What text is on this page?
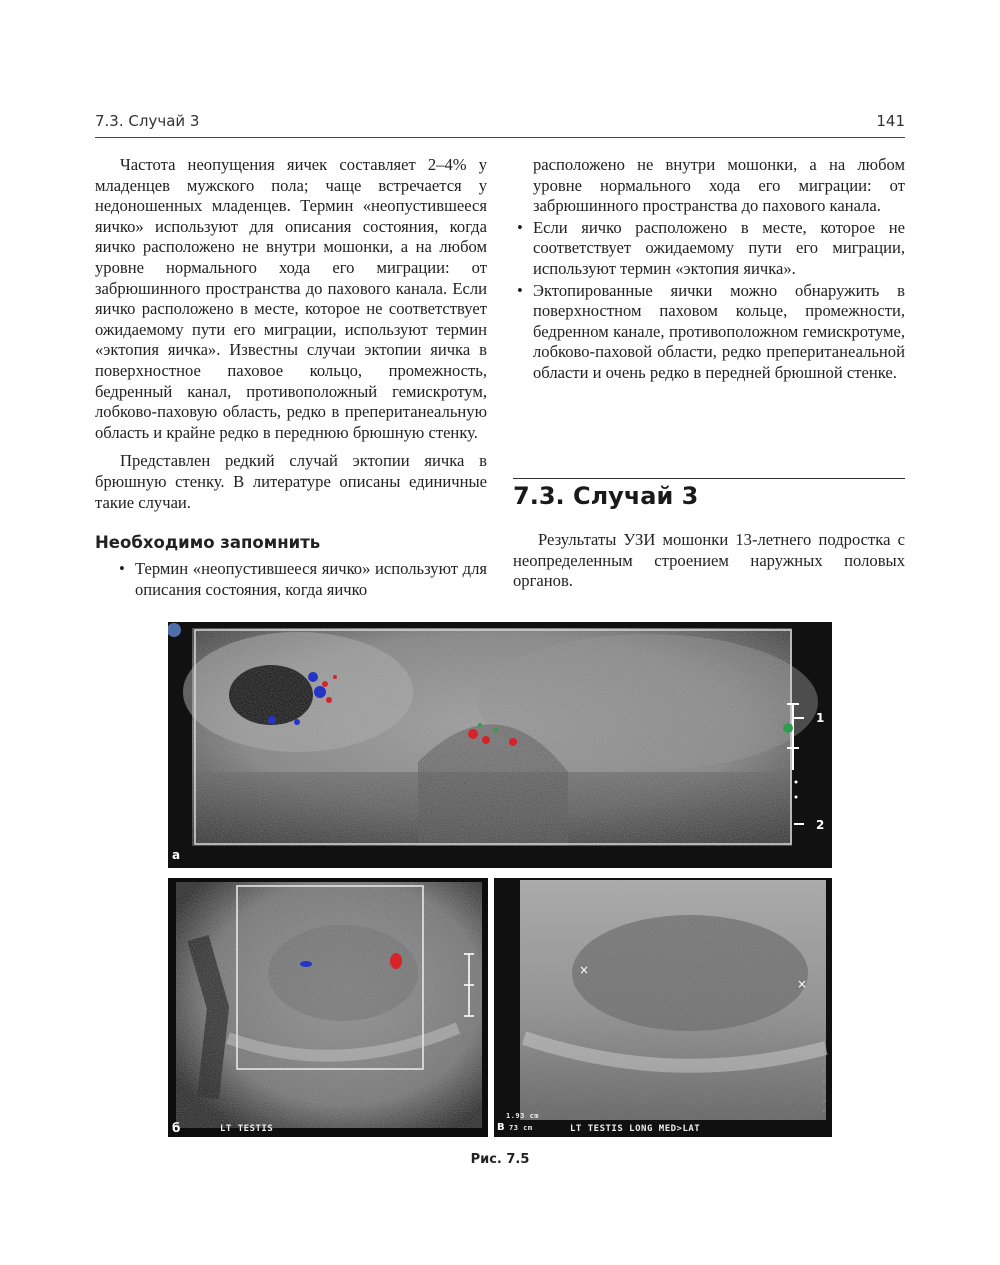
7.3. Случай 3	141

Частота неопущения яичек составляет 2–4% у младенцев мужского пола; чаще встречается у недоношенных младенцев. Термин «неопустившееся яичко» используют для описания состояния, когда яичко расположено не внутри мошонки, а на любом уровне нормального хода его миграции: от забрюшинного пространства до пахового канала. Если яичко расположено в месте, которое не соответствует ожидаемому пути его миграции, используют термин «эктопия яичка». Известны случаи эктопии яичка в поверхностное паховое кольцо, промежность, бедренный канал, противоположный гемискротум, лобково-паховую область, редко в препеританеальную область и крайне редко в переднюю брюшную стенку.

Представлен редкий случай эктопии яичка в брюшную стенку. В литературе описаны единичные такие случаи.

Необходимо запомнить
• Термин «неопустившееся яичко» используют для описания состояния, когда яичко
расположено не внутри мошонки, а на любом уровне нормального хода его миграции: от забрюшинного пространства до пахового канала.
• Если яичко расположено в месте, которое не соответствует ожидаемому пути его миграции, используют термин «эктопия яичка».
• Эктопированные яички можно обнаружить в поверхностном паховом кольце, промежности, бедренном канале, противоположном гемискротуме, лобково-паховой области, редко препеританеальной области и очень редко в передней брюшной стенке.
7.3. Случай 3

Результаты УЗИ мошонки 13-летнего подростка с неопределенным строением наружных половых органов.

1
2
а
б	LT TESTIS
×
×
1.93 cm
B 73 cm	LT TESTIS LONG MED>LAT
Рис. 7.5
